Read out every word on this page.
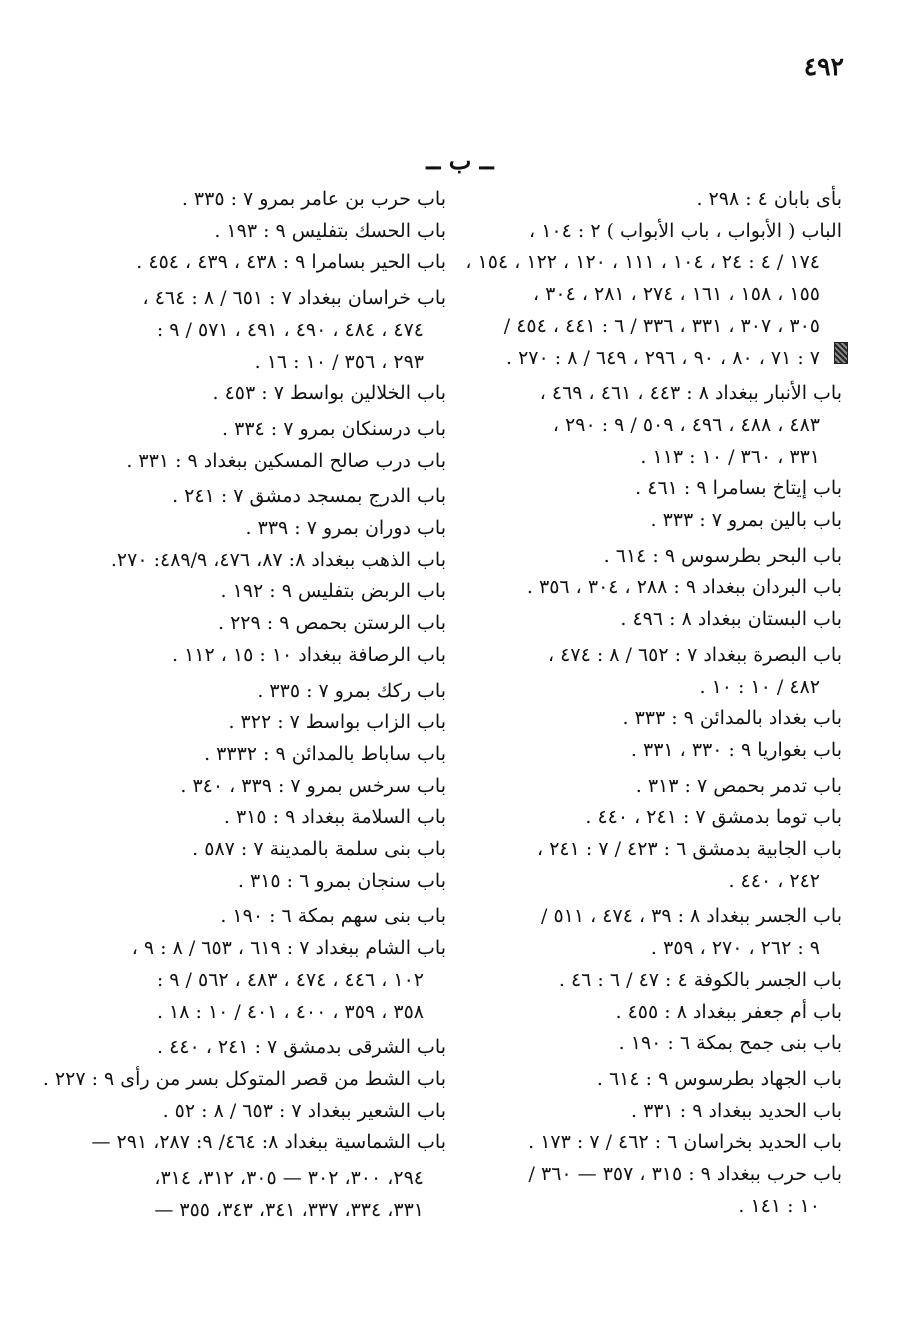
٤٩٢
ــ ب ــ
بأى بابان ٤ : ٢٩٨ .
الباب ( الأبواب ، باب الأبواب ) ٢ : ١٠٤ ،
١٧٤ / ٤ : ٢٤ ، ١٠٤ ، ١١١ ، ١٢٠ ، ١٢٢ ، ١٥٤ ،
١٥٥ ، ١٥٨ ، ١٦١ ، ٢٧٤ ، ٢٨١ ، ٣٠٤ ،
٣٠٥ ، ٣٠٧ ، ٣٣١ ، ٣٣٦ / ٦ : ٤٤١ ، ٤٥٤ /
٧ : ٧١ ، ٨٠ ، ٩٠ ، ٢٩٦ ، ٦٤٩ / ٨ : ٢٧٠ .
باب الأنبار ببغداد ٨ : ٤٤٣ ، ٤٦١ ، ٤٦٩ ،
٤٨٣ ، ٤٨٨ ، ٤٩٦ ، ٥٠٩ / ٩ : ٢٩٠ ،
٣٣١ ، ٣٦٠ / ١٠ : ١١٣ .
باب إيتاخ بسامرا ٩ : ٤٦١ .
باب بالين بمرو ٧ : ٣٣٣ .
باب البحر بطرسوس ٩ : ٦١٤ .
باب البردان ببغداد ٩ : ٢٨٨ ، ٣٠٤ ، ٣٥٦ .
باب البستان ببغداد ٨ : ٤٩٦ .
باب البصرة ببغداد ٧ : ٦٥٢ / ٨ : ٤٧٤ ،
٤٨٢ / ١٠ : ١٠ .
باب بغداد بالمدائن ٩ : ٣٣٣ .
باب بغواريا ٩ : ٣٣٠ ، ٣٣١ .
باب تدمر بحمص ٧ : ٣١٣ .
باب توما بدمشق ٧ : ٢٤١ ، ٤٤٠ .
باب الجابية بدمشق ٦ : ٤٢٣ / ٧ : ٢٤١ ،
٢٤٢ ، ٤٤٠ .
باب الجسر ببغداد ٨ : ٣٩ ، ٤٧٤ ، ٥١١ /
٩ : ٢٦٢ ، ٢٧٠ ، ٣٥٩ .
باب الجسر بالكوفة ٤ : ٤٧ / ٦ : ٤٦ .
باب أم جعفر ببغداد ٨ : ٤٥٥ .
باب بنى جمح بمكة ٦ : ١٩٠ .
باب الجهاد بطرسوس ٩ : ٦١٤ .
باب الحديد ببغداد ٩ : ٣٣١ .
باب الحديد بخراسان ٦ : ٤٦٢ / ٧ : ١٧٣ .
باب حرب ببغداد ٩ : ٣١٥ ، ٣٥٧ — ٣٦٠ /
١٠ : ١٤١ .
باب حرب بن عامر بمرو ٧ : ٣٣٥ .
باب الحسك بتفليس ٩ : ١٩٣ .
باب الحير بسامرا ٩ : ٤٣٨ ، ٤٣٩ ، ٤٥٤ .
باب خراسان ببغداد ٧ : ٦٥١ / ٨ : ٤٦٤ ،
٤٧٤ ، ٤٨٤ ، ٤٩٠ ، ٤٩١ ، ٥٧١ / ٩ :
٢٩٣ ، ٣٥٦ / ١٠ : ١٦ .
باب الخلالين بواسط ٧ : ٤٥٣ .
باب درسنكان بمرو ٧ : ٣٣٤ .
باب درب صالح المسكين ببغداد ٩ : ٣٣١ .
باب الدرج بمسجد دمشق ٧ : ٢٤١ .
باب دوران بمرو ٧ : ٣٣٩ .
باب الذهب ببغداد ٨: ٨٧، ٤٧٦، ٤٨٩/٩: ٢٧٠.
باب الربض بتفليس ٩ : ١٩٢ .
باب الرستن بحمص ٩ : ٢٢٩ .
باب الرصافة ببغداد ١٠ : ١٥ ، ١١٢ .
باب ركك بمرو ٧ : ٣٣٥ .
باب الزاب بواسط ٧ : ٣٢٢ .
باب ساباط بالمدائن ٩ : ٣٣٣٢ .
باب سرخس بمرو ٧ : ٣٣٩ ، ٣٤٠ .
باب السلامة ببغداد ٩ : ٣١٥ .
باب بنى سلمة بالمدينة ٧ : ٥٨٧ .
باب سنجان بمرو ٦ : ٣١٥ .
باب بنى سهم بمكة ٦ : ١٩٠ .
باب الشام ببغداد ٧ : ٦١٩ ، ٦٥٣ / ٨ : ٩ ،
١٠٢ ، ٤٤٦ ، ٤٧٤ ، ٤٨٣ ، ٥٦٢ / ٩ :
٣٥٨ ، ٣٥٩ ، ٤٠٠ ، ٤٠١ / ١٠ : ١٨ .
باب الشرقى بدمشق ٧ : ٢٤١ ، ٤٤٠ .
باب الشط من قصر المتوكل بسر من رأى ٩ : ٢٢٧ .
باب الشعير ببغداد ٧ : ٦٥٣ / ٨ : ٥٢ .
باب الشماسية ببغداد ٨: ٤٦٤/ ٩: ٢٨٧، ٢٩١ —
٢٩٤، ٣٠٠، ٣٠٢ — ٣٠٥، ٣١٢، ٣١٤،
٣٣١، ٣٣٤، ٣٣٧، ٣٤١، ٣٤٣، ٣٥٥ —
